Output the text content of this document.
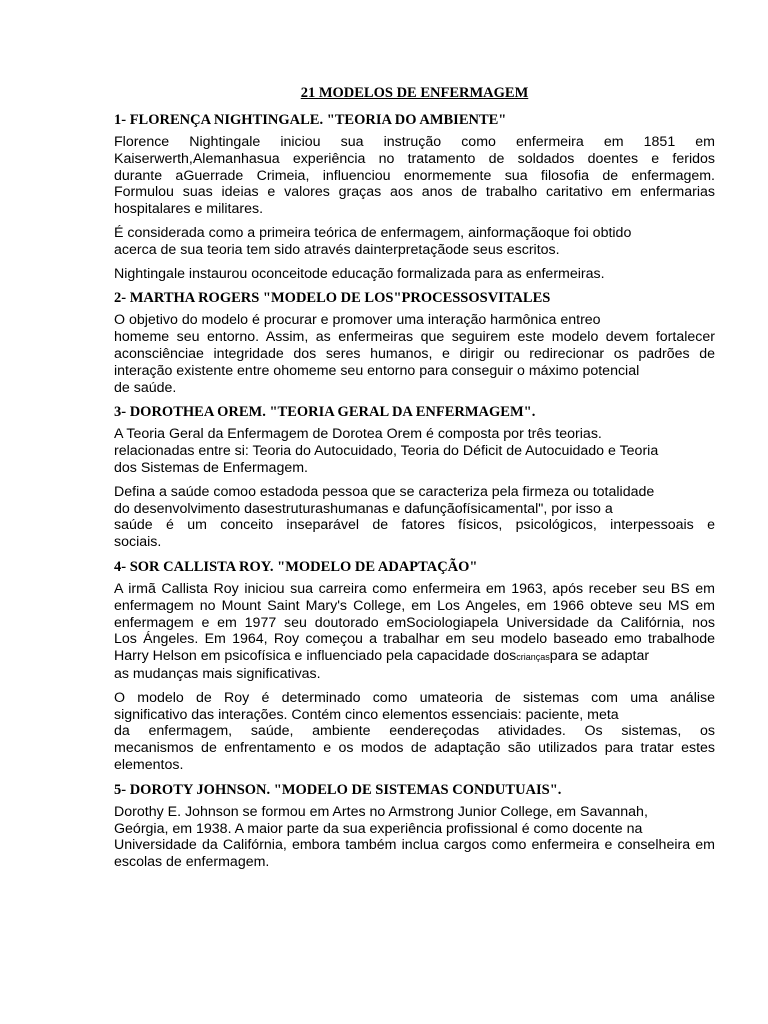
21 MODELOS DE ENFERMAGEM
1- FLORENÇA NIGHTINGALE. "TEORIA DO AMBIENTE"
Florence Nightingale iniciou sua instrução como enfermeira em 1851 em
Kaiserwerth,Alemanhasua experiência no tratamento de soldados doentes e feridos
durante aGuerrade Crimeia, influenciou enormemente sua filosofia de enfermagem.
Formulou suas ideias e valores graças aos anos de trabalho caritativo em enfermarias
hospitalares e militares.
É considerada como a primeira teórica de enfermagem, ainformaçãoque foi obtido
acerca de sua teoria tem sido através dainterpretaçãode seus escritos.
Nightingale instaurou oconceitode educação formalizada para as enfermeiras.
2- MARTHA ROGERS "MODELO DE LOS"PROCESSOSVITALES
O objetivo do modelo é procurar e promover uma interação harmônica entreo
homeme seu entorno. Assim, as enfermeiras que seguirem este modelo devem fortalecer
aconsciênciae integridade dos seres humanos, e dirigir ou redirecionar os padrões de
interação existente entre ohomeme seu entorno para conseguir o máximo potencial
de saúde.
3- DOROTHEA OREM. "TEORIA GERAL DA ENFERMAGEM".
A Teoria Geral da Enfermagem de Dorotea Orem é composta por três teorias.
relacionadas entre si: Teoria do Autocuidado, Teoria do Déficit de Autocuidado e Teoria
dos Sistemas de Enfermagem.
Defina a saúde comoo estadoda pessoa que se caracteriza pela firmeza ou totalidade
do desenvolvimento dasestruturashumanas e dafunçãofísicamental", por isso a
saúde é um conceito inseparável de fatores físicos, psicológicos, interpessoais e
sociais.
4- SOR CALLISTA ROY. "MODELO DE ADAPTAÇÃO"
A irmã Callista Roy iniciou sua carreira como enfermeira em 1963, após receber seu BS em
enfermagem no Mount Saint Mary's College, em Los Angeles, em 1966 obteve seu MS em
enfermagem e em 1977 seu doutorado emSociologiapela Universidade da Califórnia, nos
Los Ángeles. Em 1964, Roy começou a trabalhar em seu modelo baseado emo trabalhode
Harry Helson em psicofísica e influenciado pela capacidade doscriançaspara se adaptar
as mudanças mais significativas.
O modelo de Roy é determinado como umateoria de sistemas com uma análise
significativo das interações. Contém cinco elementos essenciais: paciente, meta
da enfermagem, saúde, ambiente eendereçodas atividades. Os sistemas, os
mecanismos de enfrentamento e os modos de adaptação são utilizados para tratar estes
elementos.
5- DOROTY JOHNSON. "MODELO DE SISTEMAS CONDUTUAIS".
Dorothy E. Johnson se formou em Artes no Armstrong Junior College, em Savannah,
Geórgia, em 1938. A maior parte da sua experiência profissional é como docente na
Universidade da Califórnia, embora também inclua cargos como enfermeira e conselheira em
escolas de enfermagem.
